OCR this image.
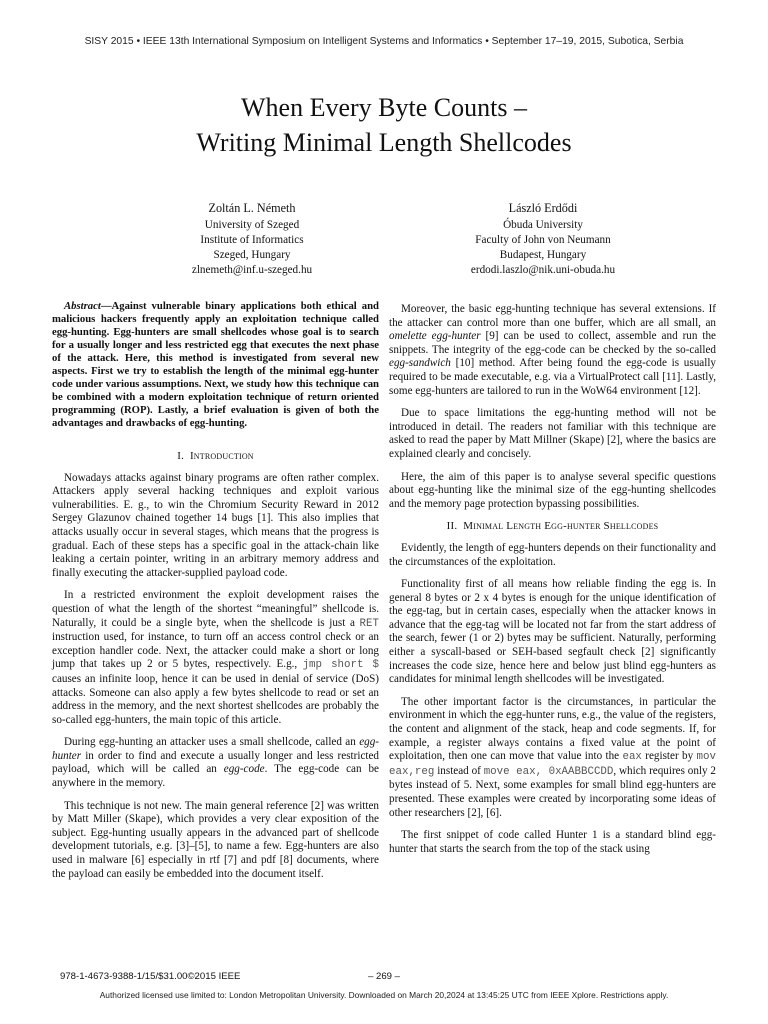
SISY 2015 • IEEE 13th International Symposium on Intelligent Systems and Informatics • September 17–19, 2015, Subotica, Serbia
When Every Byte Counts –
Writing Minimal Length Shellcodes
Zoltán L. Németh
University of Szeged
Institute of Informatics
Szeged, Hungary
zlnemeth@inf.u-szeged.hu
László Erdődi
Óbuda University
Faculty of John von Neumann
Budapest, Hungary
erdodi.laszlo@nik.uni-obuda.hu
Abstract—Against vulnerable binary applications both ethical and malicious hackers frequently apply an exploitation technique called egg-hunting. Egg-hunters are small shellcodes whose goal is to search for a usually longer and less restricted egg that executes the next phase of the attack. Here, this method is investigated from several new aspects. First we try to establish the length of the minimal egg-hunter code under various assumptions. Next, we study how this technique can be combined with a modern exploitation technique of return oriented programming (ROP). Lastly, a brief evaluation is given of both the advantages and drawbacks of egg-hunting.
I. Introduction

Nowadays attacks against binary programs are often rather complex. Attackers apply several hacking techniques and exploit various vulnerabilities. E. g., to win the Chromium Security Reward in 2012 Sergey Glazunov chained together 14 bugs [1]. This also implies that attacks usually occur in several stages, which means that the progress is gradual. Each of these steps has a specific goal in the attack-chain like leaking a certain pointer, writing in an arbitrary memory address and finally executing the attacker-supplied payload code.

In a restricted environment the exploit development raises the question of what the length of the shortest “meaningful” shellcode is. Naturally, it could be a single byte, when the shellcode is just a RET instruction used, for instance, to turn off an access control check or an exception handler code. Next, the attacker could make a short or long jump that takes up 2 or 5 bytes, respectively. E.g., jmp short $ causes an infinite loop, hence it can be used in denial of service (DoS) attacks. Someone can also apply a few bytes shellcode to read or set an address in the memory, and the next shortest shellcodes are probably the so-called egg-hunters, the main topic of this article.

During egg-hunting an attacker uses a small shellcode, called an egg-hunter in order to find and execute a usually longer and less restricted payload, which will be called an egg-code. The egg-code can be anywhere in the memory.

This technique is not new. The main general reference [2] was written by Matt Miller (Skape), which provides a very clear exposition of the subject. Egg-hunting usually appears in the advanced part of shellcode development tutorials, e.g. [3]–[5], to name a few. Egg-hunters are also used in malware [6] especially in rtf [7] and pdf [8] documents, where the payload can easily be embedded into the document itself.

Moreover, the basic egg-hunting technique has several extensions. If the attacker can control more than one buffer, which are all small, an omelette egg-hunter [9] can be used to collect, assemble and run the snippets. The integrity of the egg-code can be checked by the so-called egg-sandwich [10] method. After being found the egg-code is usually required to be made executable, e.g. via a VirtualProtect call [11]. Lastly, some egg-hunters are tailored to run in the WoW64 environment [12].

Due to space limitations the egg-hunting method will not be introduced in detail. The readers not familiar with this technique are asked to read the paper by Matt Millner (Skape) [2], where the basics are explained clearly and concisely.

Here, the aim of this paper is to analyse several specific questions about egg-hunting like the minimal size of the egg-hunting shellcodes and the memory page protection bypassing possibilities.

II. Minimal Length Egg-hunter Shellcodes

Evidently, the length of egg-hunters depends on their functionality and the circumstances of the exploitation.

Functionality first of all means how reliable finding the egg is. In general 8 bytes or 2 x 4 bytes is enough for the unique identification of the egg-tag, but in certain cases, especially when the attacker knows in advance that the egg-tag will be located not far from the start address of the search, fewer (1 or 2) bytes may be sufficient. Naturally, performing either a syscall-based or SEH-based segfault check [2] significantly increases the code size, hence here and below just blind egg-hunters as candidates for minimal length shellcodes will be investigated.

The other important factor is the circumstances, in particular the environment in which the egg-hunter runs, e.g., the value of the registers, the content and alignment of the stack, heap and code segments. If, for example, a register always contains a fixed value at the point of exploitation, then one can move that value into the eax register by mov eax,reg instead of move eax, 0xAABBCCDD, which requires only 2 bytes instead of 5. Next, some examples for small blind egg-hunters are presented. These examples were created by incorporating some ideas of other researchers [2], [6].

The first snippet of code called Hunter 1 is a standard blind egg-hunter that starts the search from the top of the stack using

978-1-4673-9388-1/15/$31.00©2015 IEEE	– 269 –
Authorized licensed use limited to: London Metropolitan University. Downloaded on March 20,2024 at 13:45:25 UTC from IEEE Xplore. Restrictions apply.
